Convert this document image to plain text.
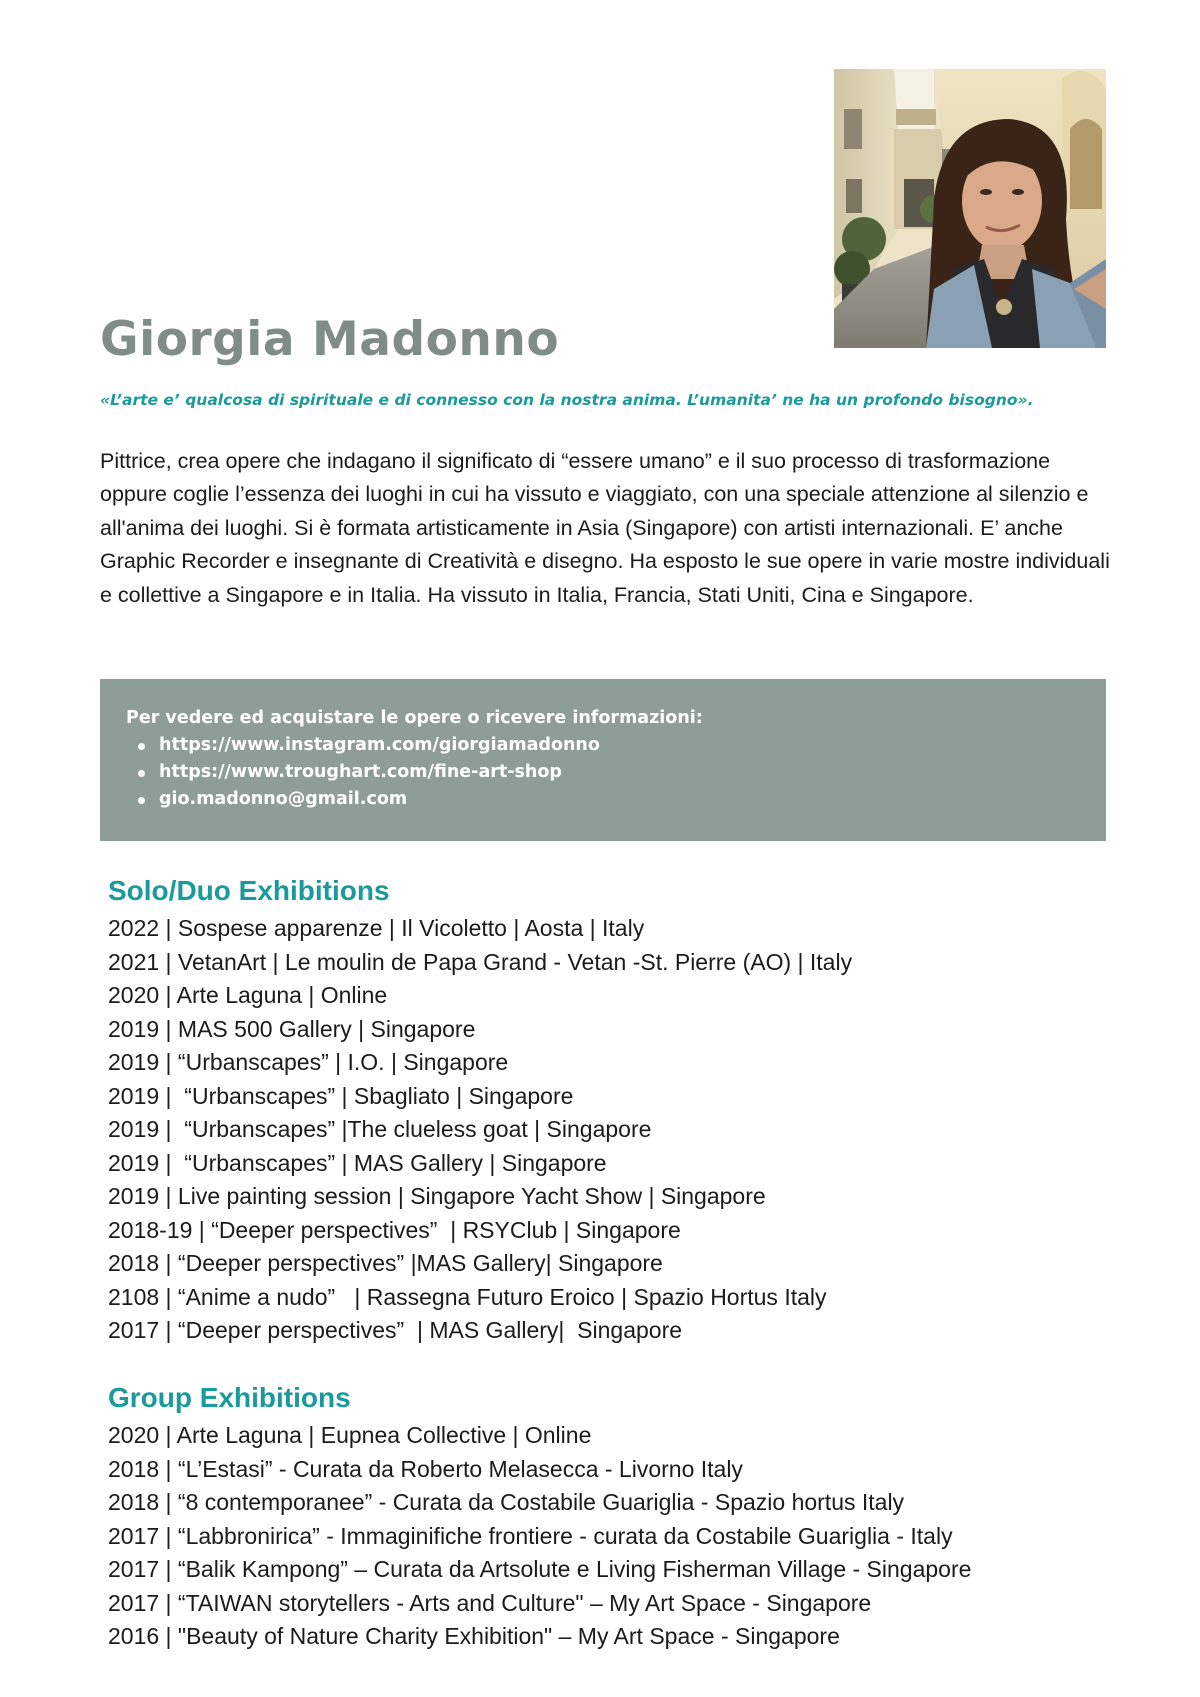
Giorgia Madonno

«L’arte e’ qualcosa di spirituale e di connesso con la nostra anima. L’umanita’ ne ha un profondo bisogno».

Pittrice, crea opere che indagano il significato di “essere umano” e il suo processo di trasformazione oppure coglie l’essenza dei luoghi in cui ha vissuto e viaggiato, con una speciale attenzione al silenzio e all'anima dei luoghi. Si è formata artisticamente in Asia (Singapore) con artisti internazionali. E’ anche Graphic Recorder e insegnante di Creatività e disegno. Ha esposto le sue opere in varie mostre individuali e collettive a Singapore e in Italia. Ha vissuto in Italia, Francia, Stati Uniti, Cina e Singapore.

Per vedere ed acquistare le opere o ricevere informazioni:
https://www.instagram.com/giorgiamadonno
https://www.troughart.com/fine-art-shop
gio.madonno@gmail.com
Solo/Duo Exhibitions
2022 | Sospese apparenze | Il Vicoletto | Aosta | Italy
2021 | VetanArt | Le moulin de Papa Grand - Vetan -St. Pierre (AO) | Italy
2020 | Arte Laguna | Online
2019 | MAS 500 Gallery | Singapore
2019 | “Urbanscapes” | I.O. | Singapore
2019 |  “Urbanscapes” | Sbagliato | Singapore
2019 |  “Urbanscapes” |The clueless goat | Singapore
2019 |  “Urbanscapes” | MAS Gallery | Singapore
2019 | Live painting session | Singapore Yacht Show | Singapore
2018-19 | “Deeper perspectives”  | RSYClub | Singapore
2018 | “Deeper perspectives” |MAS Gallery| Singapore
2108 | “Anime a nudo”   | Rassegna Futuro Eroico | Spazio Hortus Italy
2017 | “Deeper perspectives”  | MAS Gallery|  Singapore
Group Exhibitions
2020 | Arte Laguna | Eupnea Collective | Online
2018 | “L’Estasi” - Curata da Roberto Melasecca - Livorno Italy
2018 | “8 contemporanee” - Curata da Costabile Guariglia - Spazio hortus Italy
2017 | “Labbronirica” - Immaginifiche frontiere - curata da Costabile Guariglia - Italy
2017 | “Balik Kampong” – Curata da Artsolute e Living Fisherman Village - Singapore
2017 | “TAIWAN storytellers - Arts and Culture" – My Art Space - Singapore
2016 | "Beauty of Nature Charity Exhibition" – My Art Space - Singapore
